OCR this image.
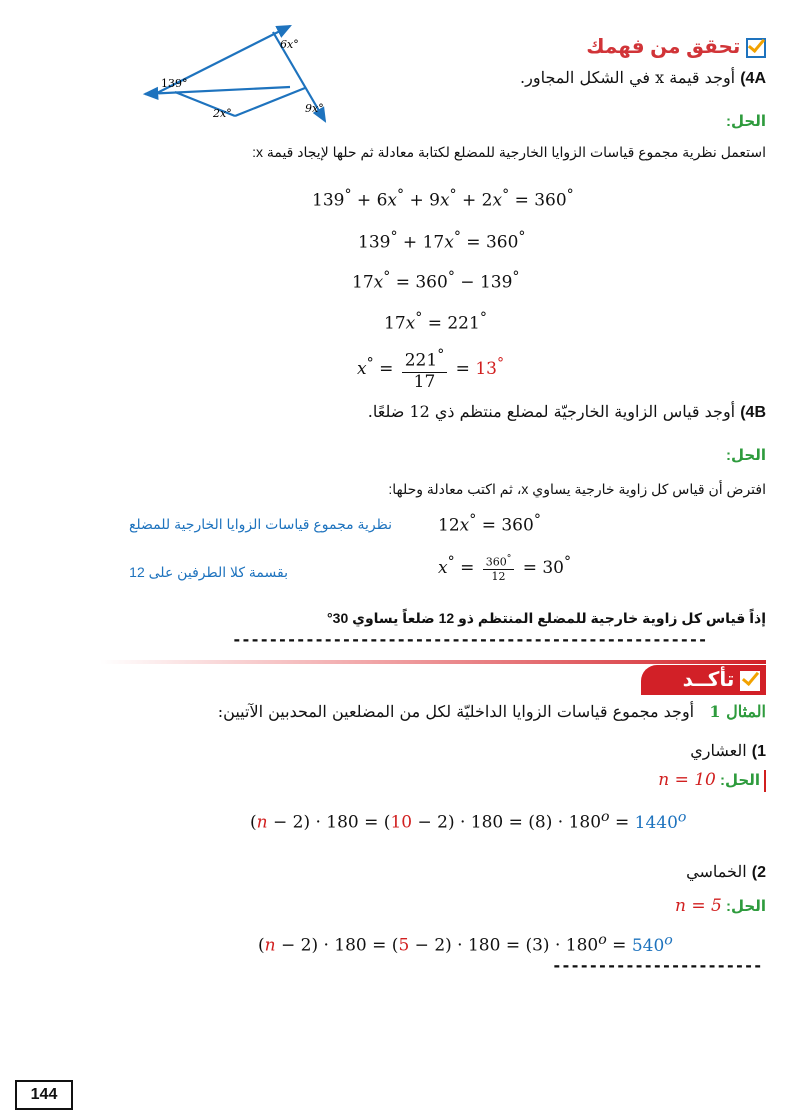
6x°
139°
2x°	9x°
تحقق من فهمك
4A) أوجد قيمة x في الشكل المجاور.
الحل:
استعمل نظرية مجموع قياسات الزوايا الخارجية للمضلع لكتابة معادلة ثم حلها لإيجاد قيمة x:
139° + 6x° + 9x° + 2x° = 360°
139° + 17x° = 360°
17x° = 360° − 139°
17x° = 221°
$x^\circ = \frac{221^\circ}{17} = 13^\circ$
4B) أوجد قياس الزاوية الخارجيّة لمضلع منتظم ذي 12 ضلعًا.
الحل:
افترض أن قياس كل زاوية خارجية يساوي x، ثم اكتب معادلة وحلها:
12x° = 360°
نظرية مجموع قياسات الزوايا الخارجية للمضلع
$x^\circ = \frac{360^\circ}{12} = 30^\circ$
بقسمة كلا الطرفين على 12
إذاً قياس كل زاوية خارجية للمضلع المنتظم ذو 12 ضلعاً يساوي 30°
----------------------------------------------------
تأكــد
المثال 1   أوجد مجموع قياسات الزوايا الداخليّة لكل من المضلعين المحدبين الآتيين:
1) العشاري
الحل: n = 10
$(n - 2) \cdot 180 = (10 - 2) \cdot 180 = (8) \cdot 180^o = 1440^o$
2) الخماسي
الحل: n = 5
$(n - 2) \cdot 180 = (5 - 2) \cdot 180 = (3) \cdot 180^o = 540^o$
-----------------------
144
